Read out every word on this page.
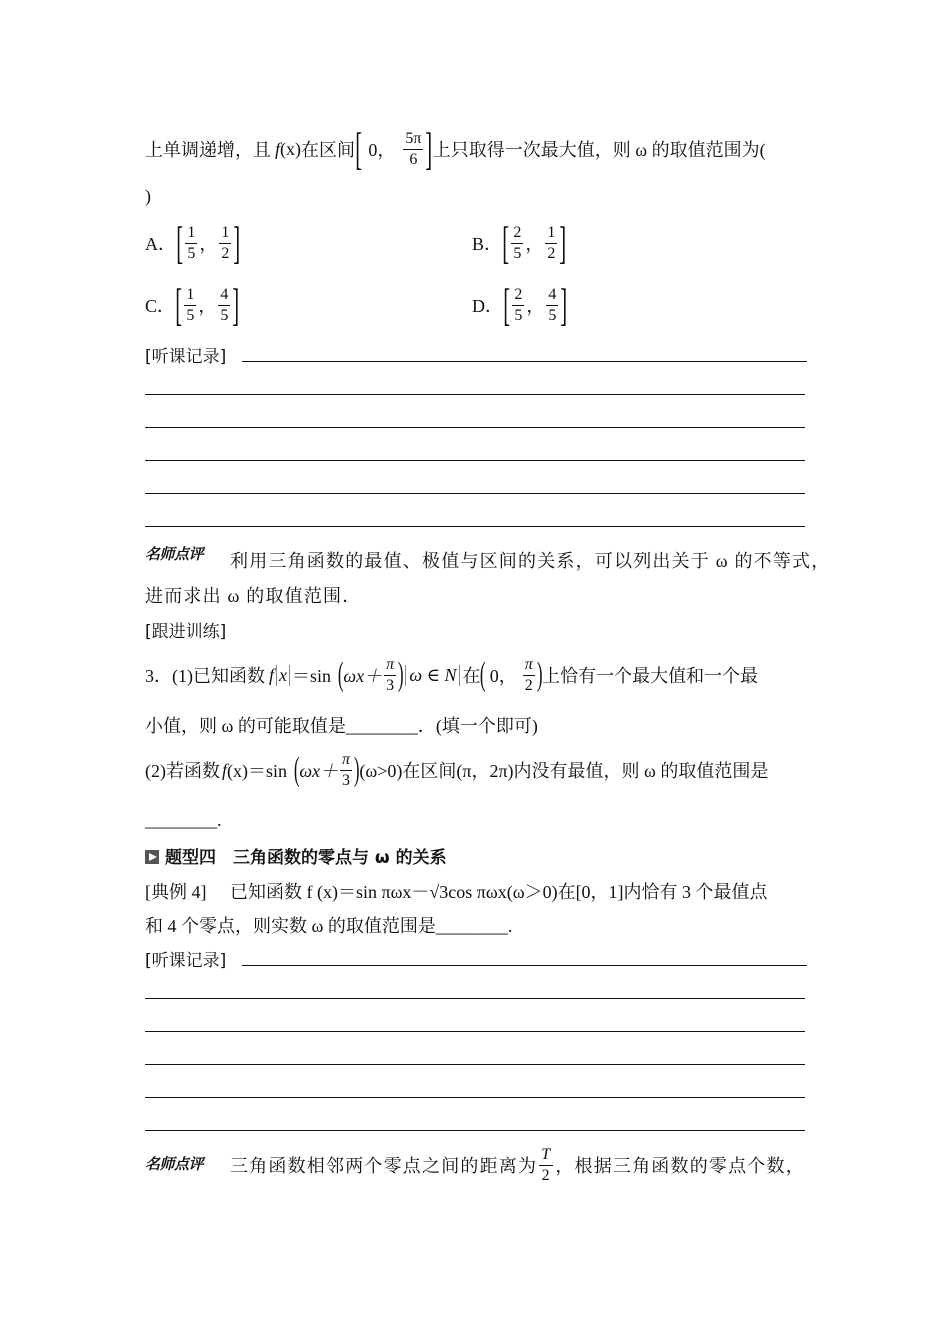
上单调递增，且 f (x) 在区间 [ 0， $\frac{5\pi}{6}$ ] 上只取得一次最大值，则 ω 的取值范围为(
)
A． [ $\frac{1}{5}$ ， $\frac{1}{2}$ ]	B． [ $\frac{2}{5}$ ， $\frac{1}{2}$ ]
C． [ $\frac{1}{5}$ ， $\frac{4}{5}$ ]	D． [ $\frac{2}{5}$ ， $\frac{4}{5}$ ]
[听课记录]
名师点评 利用三角函数的最值、极值与区间的关系，可以列出关于 ω 的不等式，
进而求出 ω 的取值范围．
[跟进训练]
3．(1)已知函数 f x ＝sin ( $\omega x+ \frac{\pi}{3}$ ) ω ∈ N 在 ( 0， $\frac{\pi}{2}$ ) 上恰有一个最大值和一个最
小值，则 ω 的可能取值是________．(填一个即可)
(2)若函数 f (x)＝sin ( $\omega x+ \frac{\pi}{3}$ ) (ω>0)在区间(π，2π)内没有最值，则 ω 的取值范围是
________.
题型四　三角函数的零点与 ω 的关系
[典例 4] 已知函数 f (x)＝sin πωx－√3cos πωx(ω＞0)在[0，1]内恰有 3 个最值点
和 4 个零点，则实数 ω 的取值范围是________.
[听课记录]
名师点评 三角函数相邻两个零点之间的距离为 $\frac{T}{2}$ ，根据三角函数的零点个数，
